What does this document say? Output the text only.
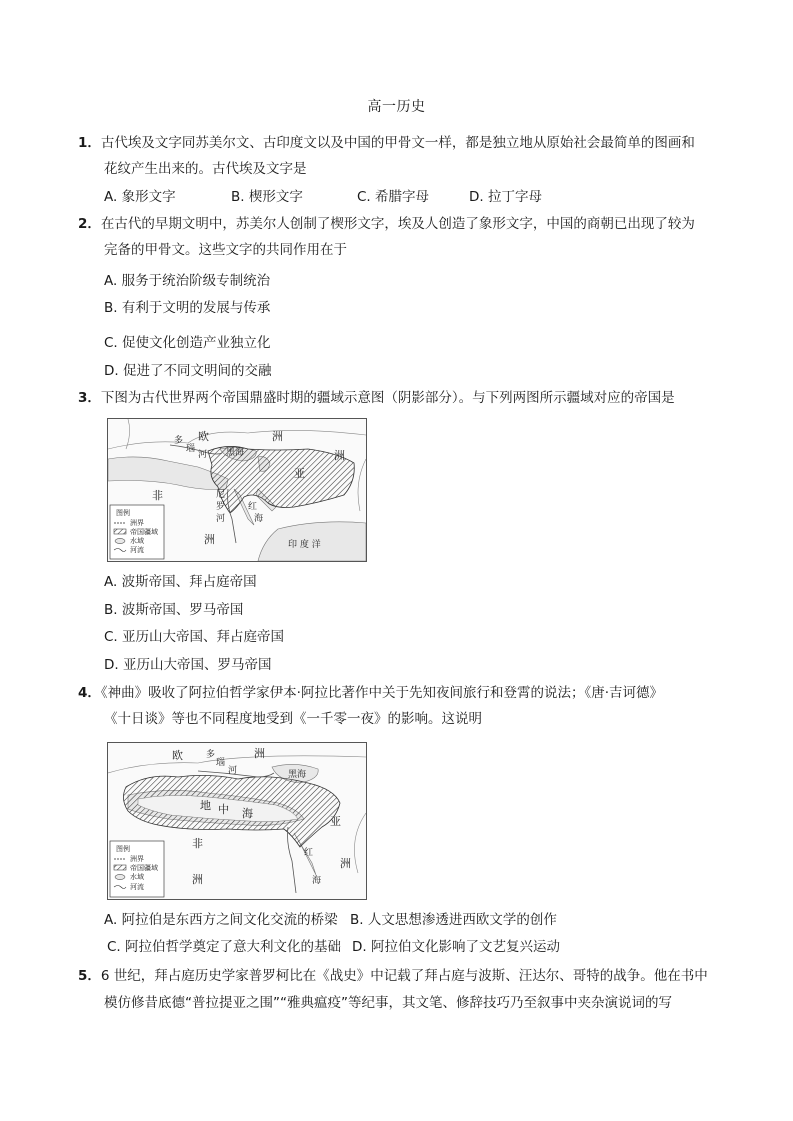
高一历史
1．古代埃及文字同苏美尔文、古印度文以及中国的甲骨文一样，都是独立地从原始社会最简单的图画和
花纹产生出来的。古代埃及文字是
A. 象形文字	B. 楔形文字	C. 希腊字母	D. 拉丁字母
2．在古代的早期文明中，苏美尔人创制了楔形文字，埃及人创造了象形文字，中国的商朝已出现了较为
完备的甲骨文。这些文字的共同作用在于
A. 服务于统治阶级专制统治
B. 有利于文明的发展与传承
C. 促使文化创造产业独立化
D. 促进了不同文明间的交融
3．下图为古代世界两个帝国鼎盛时期的疆域示意图（阴影部分）。与下列两图所示疆域对应的帝国是
图例
洲界
帝国疆域
水域
河流
欧	洲
多
瑙
河 黑海
亚
洲
非
洲
红
海
尼
罗
河
印 度 洋
A. 波斯帝国、拜占庭帝国
B. 波斯帝国、罗马帝国
C. 亚历山大帝国、拜占庭帝国
D. 亚历山大帝国、罗马帝国
4．《神曲》吸收了阿拉伯哲学家伊本·阿拉比著作中关于先知夜间旅行和登霄的说法；《唐·吉诃德》
《十日谈》等也不同程度地受到《一千零一夜》的影响。这说明
图例
洲界
帝国疆域
水域
河流
欧	多
瑙
洲
河	黑海
地 中 海
亚
非
洲
红
洲
海
A. 阿拉伯是东西方之间文化交流的桥梁 B. 人文思想渗透进西欧文学的创作
C. 阿拉伯哲学奠定了意大利文化的基础 D. 阿拉伯文化影响了文艺复兴运动
5．6 世纪，拜占庭历史学家普罗柯比在《战史》中记载了拜占庭与波斯、汪达尔、哥特的战争。他在书中
模仿修昔底德“普拉提亚之围”“雅典瘟疫”等纪事，其文笔、修辞技巧乃至叙事中夹杂演说词的写
